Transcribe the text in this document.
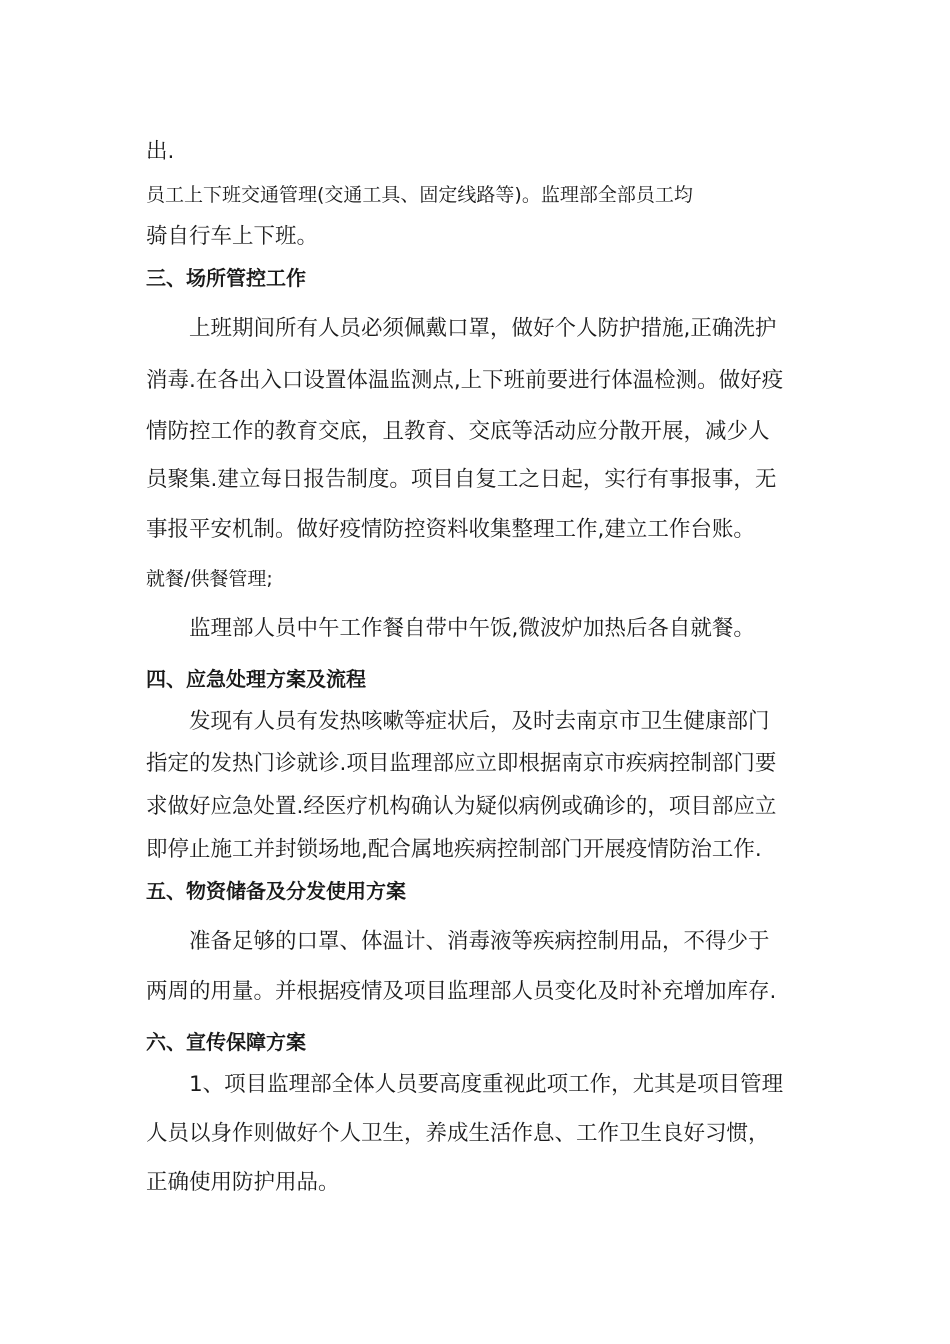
出.
员工上下班交通管理(交通工具、固定线路等)。监理部全部员工均
骑自行车上下班。
三、场所管控工作
上班期间所有人员必须佩戴口罩，做好个人防护措施,正确洗护
消毒.在各出入口设置体温监测点,上下班前要进行体温检测。做好疫
情防控工作的教育交底，且教育、交底等活动应分散开展，减少人
员聚集.建立每日报告制度。项目自复工之日起，实行有事报事，无
事报平安机制。做好疫情防控资料收集整理工作,建立工作台账。
就餐/供餐管理;
监理部人员中午工作餐自带中午饭,微波炉加热后各自就餐。
四、应急处理方案及流程
发现有人员有发热咳嗽等症状后，及时去南京市卫生健康部门
指定的发热门诊就诊.项目监理部应立即根据南京市疾病控制部门要
求做好应急处置.经医疗机构确认为疑似病例或确诊的，项目部应立
即停止施工并封锁场地,配合属地疾病控制部门开展疫情防治工作.
五、物资储备及分发使用方案
准备足够的口罩、体温计、消毒液等疾病控制用品，不得少于
两周的用量。并根据疫情及项目监理部人员变化及时补充增加库存.
六、宣传保障方案
1、项目监理部全体人员要高度重视此项工作，尤其是项目管理
人员以身作则做好个人卫生，养成生活作息、工作卫生良好习惯，
正确使用防护用品。
